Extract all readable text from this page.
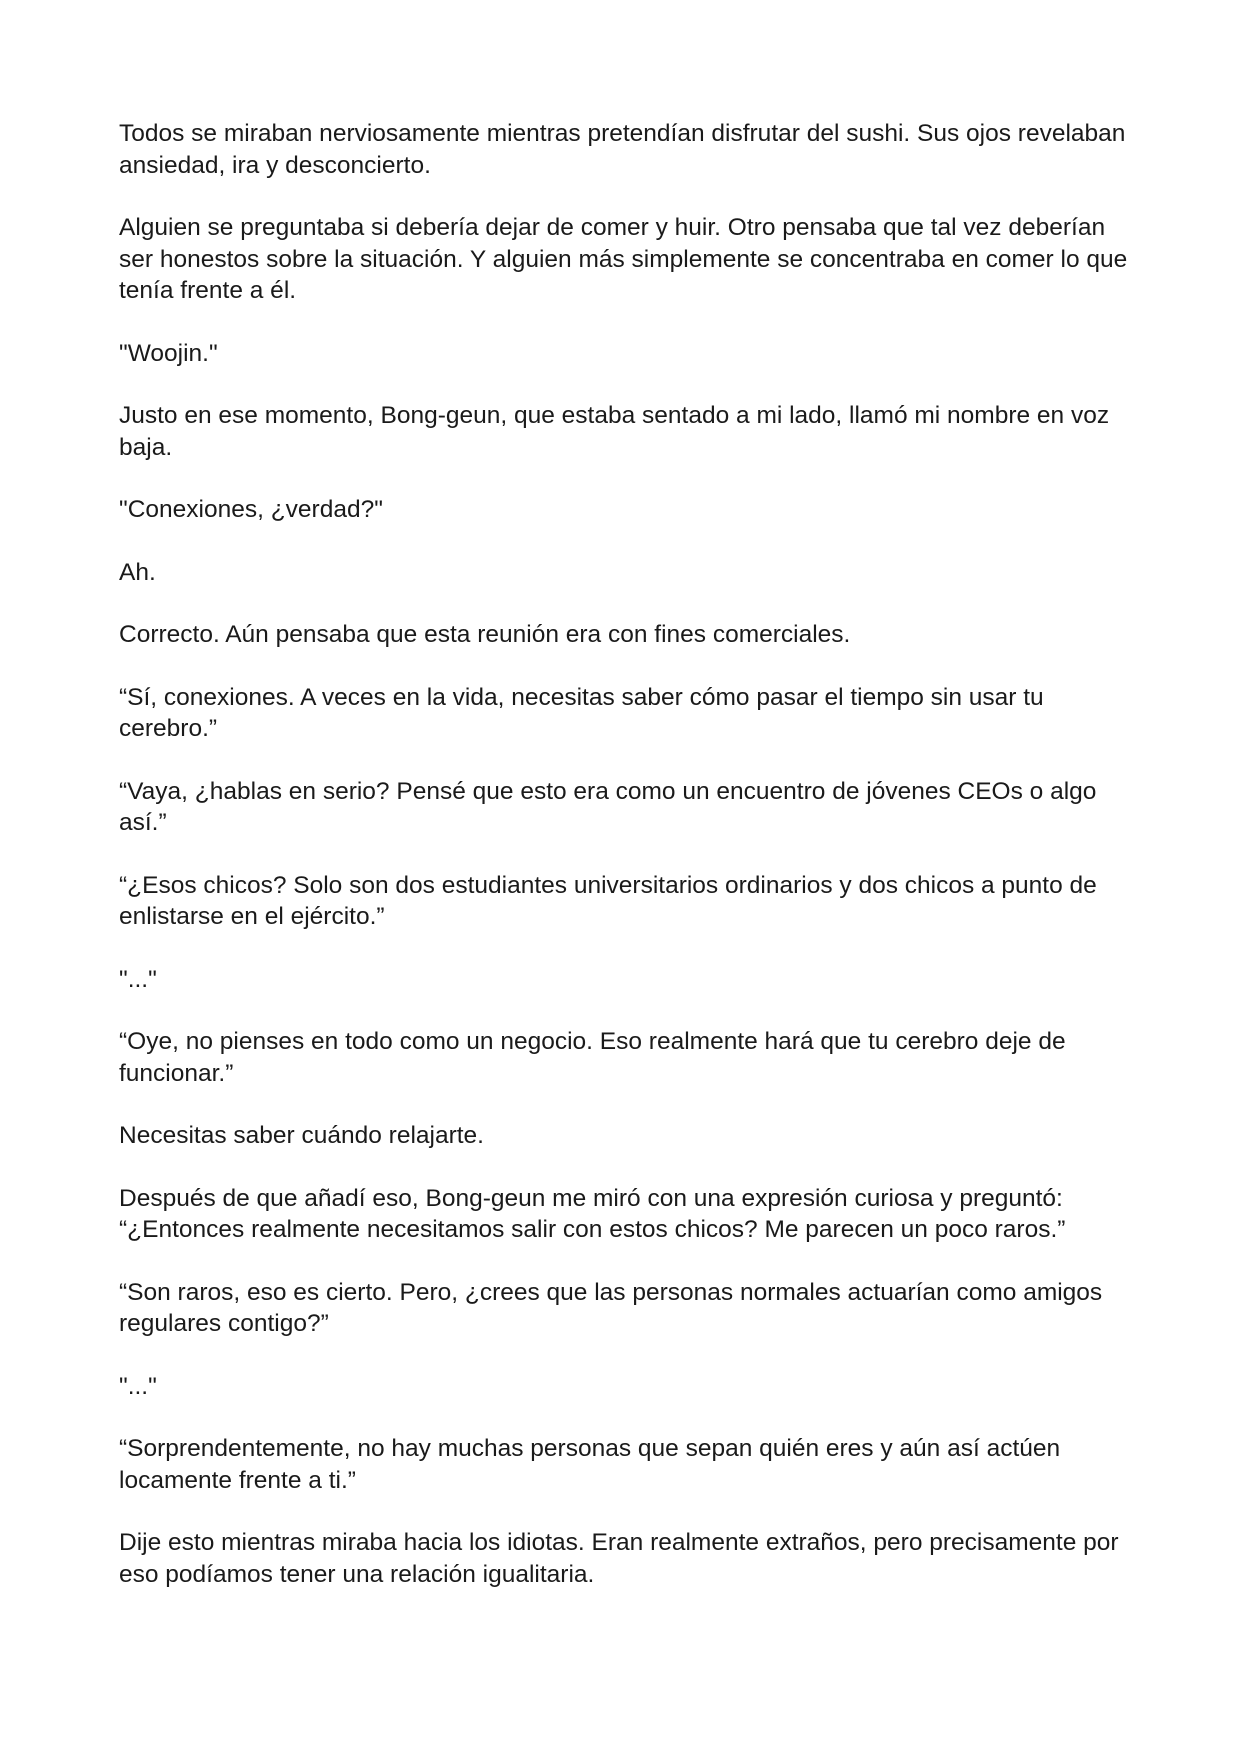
Todos se miraban nerviosamente mientras pretendían disfrutar del sushi. Sus ojos revelaban ansiedad, ira y desconcierto.

Alguien se preguntaba si debería dejar de comer y huir. Otro pensaba que tal vez deberían ser honestos sobre la situación. Y alguien más simplemente se concentraba en comer lo que tenía frente a él.

"Woojin."

Justo en ese momento, Bong-geun, que estaba sentado a mi lado, llamó mi nombre en voz baja.

"Conexiones, ¿verdad?"

Ah.

Correcto. Aún pensaba que esta reunión era con fines comerciales.

“Sí, conexiones. A veces en la vida, necesitas saber cómo pasar el tiempo sin usar tu cerebro.”

“Vaya, ¿hablas en serio? Pensé que esto era como un encuentro de jóvenes CEOs o algo así.”

“¿Esos chicos? Solo son dos estudiantes universitarios ordinarios y dos chicos a punto de enlistarse en el ejército.”

"..."

“Oye, no pienses en todo como un negocio. Eso realmente hará que tu cerebro deje de funcionar.”

Necesitas saber cuándo relajarte.

Después de que añadí eso, Bong-geun me miró con una expresión curiosa y preguntó: “¿Entonces realmente necesitamos salir con estos chicos? Me parecen un poco raros.”

“Son raros, eso es cierto. Pero, ¿crees que las personas normales actuarían como amigos regulares contigo?”

"..."

“Sorprendentemente, no hay muchas personas que sepan quién eres y aún así actúen locamente frente a ti.”

Dije esto mientras miraba hacia los idiotas. Eran realmente extraños, pero precisamente por eso podíamos tener una relación igualitaria.
